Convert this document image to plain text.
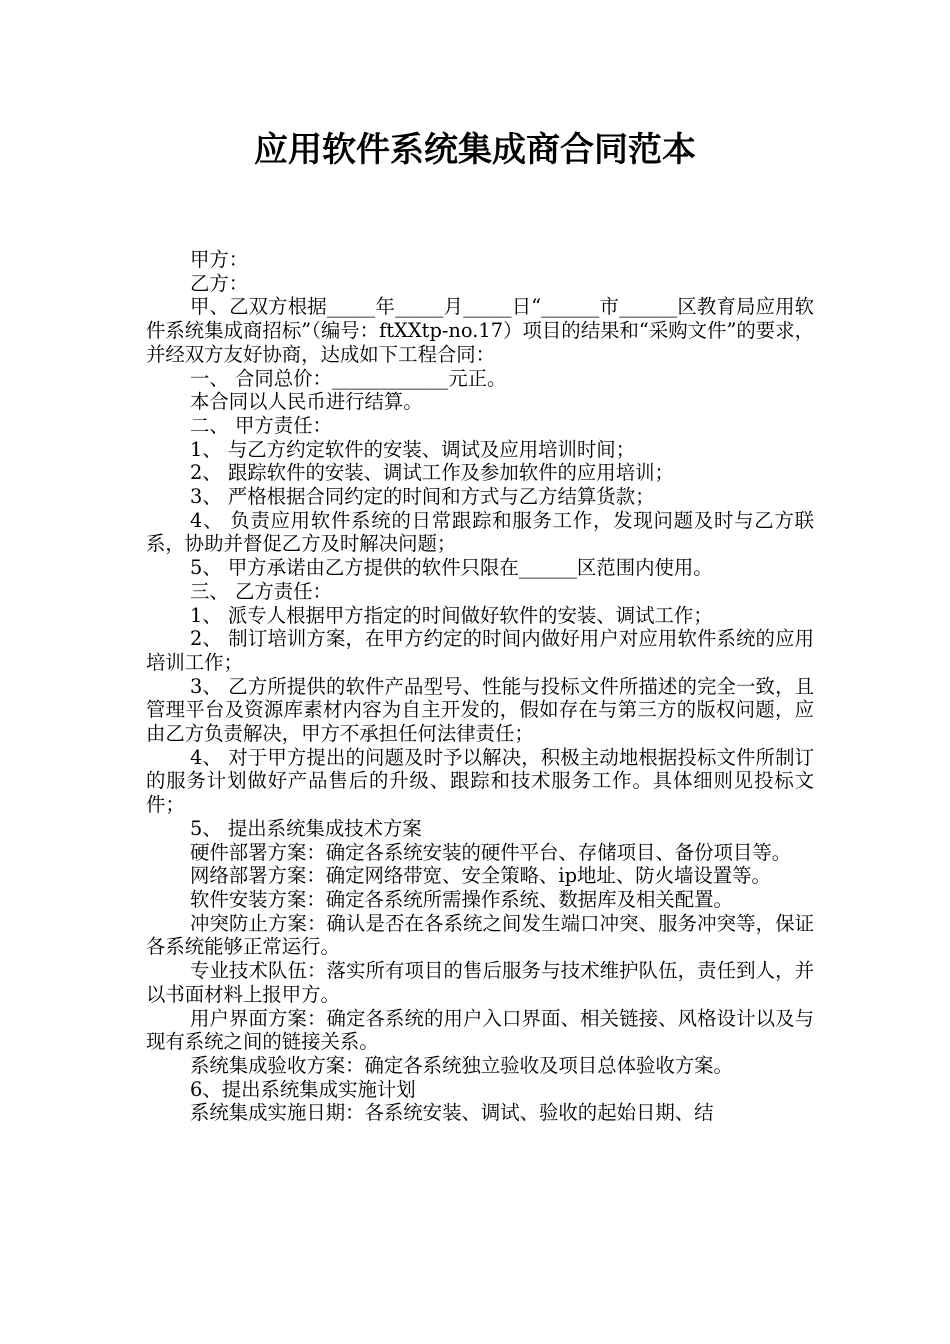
应用软件系统集成商合同范本

甲方：

乙方：

甲、乙双方根据_____年_____月_____日“______市______区教育局应用软件系统集成商招标”（编号：ftXXtp-no.17）项目的结果和“采购文件”的要求，并经双方友好协商，达成如下工程合同：

一、 合同总价：____________元正。

本合同以人民币进行结算。

二、 甲方责任：

1、 与乙方约定软件的安装、调试及应用培训时间；

2、 跟踪软件的安装、调试工作及参加软件的应用培训；

3、 严格根据合同约定的时间和方式与乙方结算货款；

4、 负责应用软件系统的日常跟踪和服务工作，发现问题及时与乙方联系，协助并督促乙方及时解决问题；

5、 甲方承诺由乙方提供的软件只限在______区范围内使用。

三、 乙方责任：

1、 派专人根据甲方指定的时间做好软件的安装、调试工作；

2、 制订培训方案，在甲方约定的时间内做好用户对应用软件系统的应用培训工作；

3、 乙方所提供的软件产品型号、性能与投标文件所描述的完全一致，且管理平台及资源库素材内容为自主开发的，假如存在与第三方的版权问题，应由乙方负责解决，甲方不承担任何法律责任；

4、 对于甲方提出的问题及时予以解决，积极主动地根据投标文件所制订的服务计划做好产品售后的升级、跟踪和技术服务工作。具体细则见投标文件；

5、 提出系统集成技术方案

硬件部署方案：确定各系统安装的硬件平台、存储项目、备份项目等。

网络部署方案：确定网络带宽、安全策略、ip地址、防火墙设置等。

软件安装方案：确定各系统所需操作系统、数据库及相关配置。

冲突防止方案：确认是否在各系统之间发生端口冲突、服务冲突等，保证各系统能够正常运行。

专业技术队伍：落实所有项目的售后服务与技术维护队伍，责任到人，并以书面材料上报甲方。

用户界面方案：确定各系统的用户入口界面、相关链接、风格设计以及与现有系统之间的链接关系。

系统集成验收方案：确定各系统独立验收及项目总体验收方案。

6、提出系统集成实施计划

系统集成实施日期：各系统安装、调试、验收的起始日期、结
